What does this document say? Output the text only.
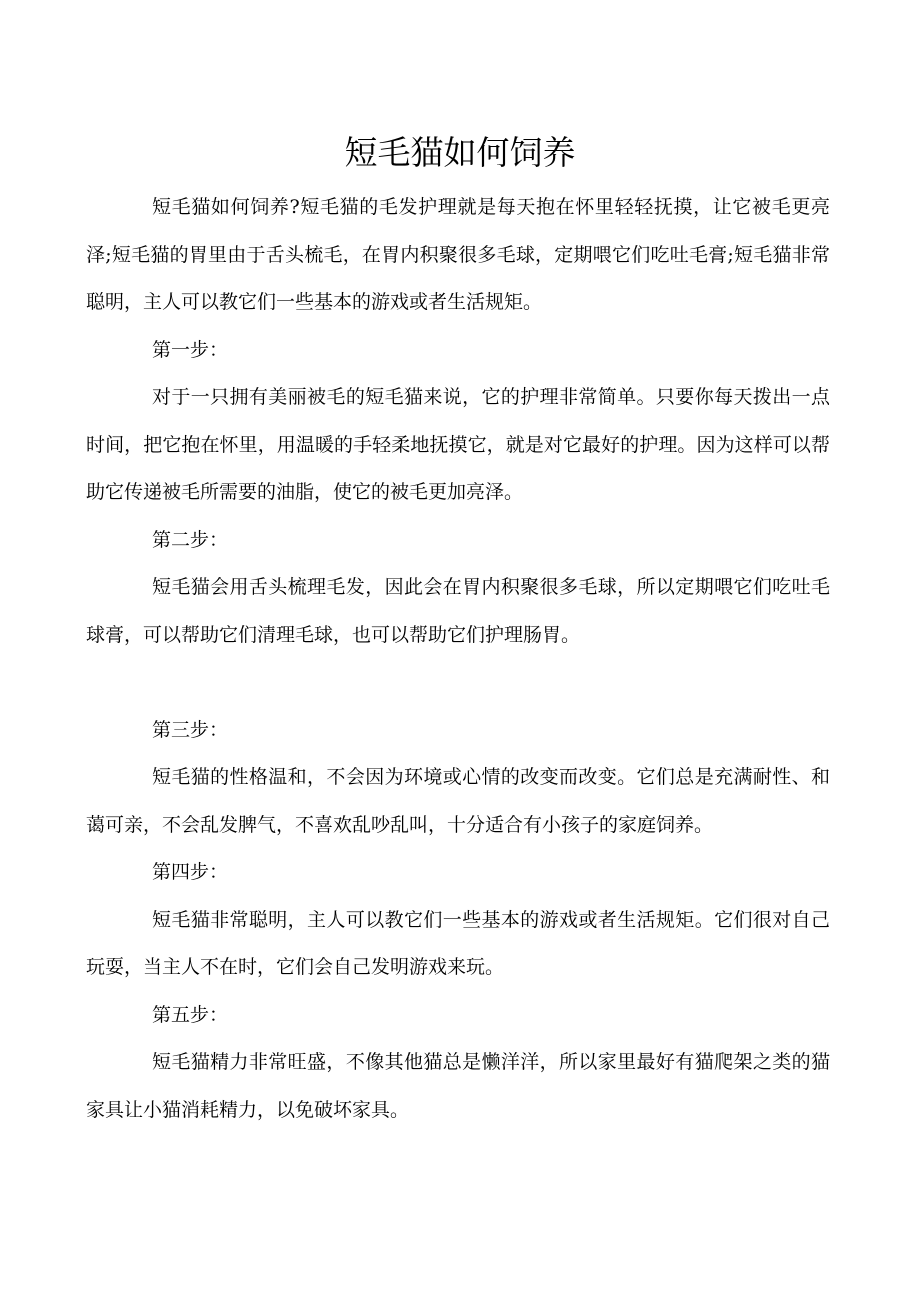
短毛猫如何饲养

短毛猫如何饲养?短毛猫的毛发护理就是每天抱在怀里轻轻抚摸，让它被毛更亮泽;短毛猫的胃里由于舌头梳毛，在胃内积聚很多毛球，定期喂它们吃吐毛膏;短毛猫非常聪明，主人可以教它们一些基本的游戏或者生活规矩。

第一步：

对于一只拥有美丽被毛的短毛猫来说，它的护理非常简单。只要你每天拨出一点时间，把它抱在怀里，用温暖的手轻柔地抚摸它，就是对它最好的护理。因为这样可以帮助它传递被毛所需要的油脂，使它的被毛更加亮泽。

第二步：

短毛猫会用舌头梳理毛发，因此会在胃内积聚很多毛球，所以定期喂它们吃吐毛球膏，可以帮助它们清理毛球，也可以帮助它们护理肠胃。

第三步：

短毛猫的性格温和，不会因为环境或心情的改变而改变。它们总是充满耐性、和蔼可亲，不会乱发脾气，不喜欢乱吵乱叫，十分适合有小孩子的家庭饲养。

第四步：

短毛猫非常聪明，主人可以教它们一些基本的游戏或者生活规矩。它们很对自己玩耍，当主人不在时，它们会自己发明游戏来玩。

第五步：

短毛猫精力非常旺盛，不像其他猫总是懒洋洋，所以家里最好有猫爬架之类的猫家具让小猫消耗精力，以免破坏家具。
